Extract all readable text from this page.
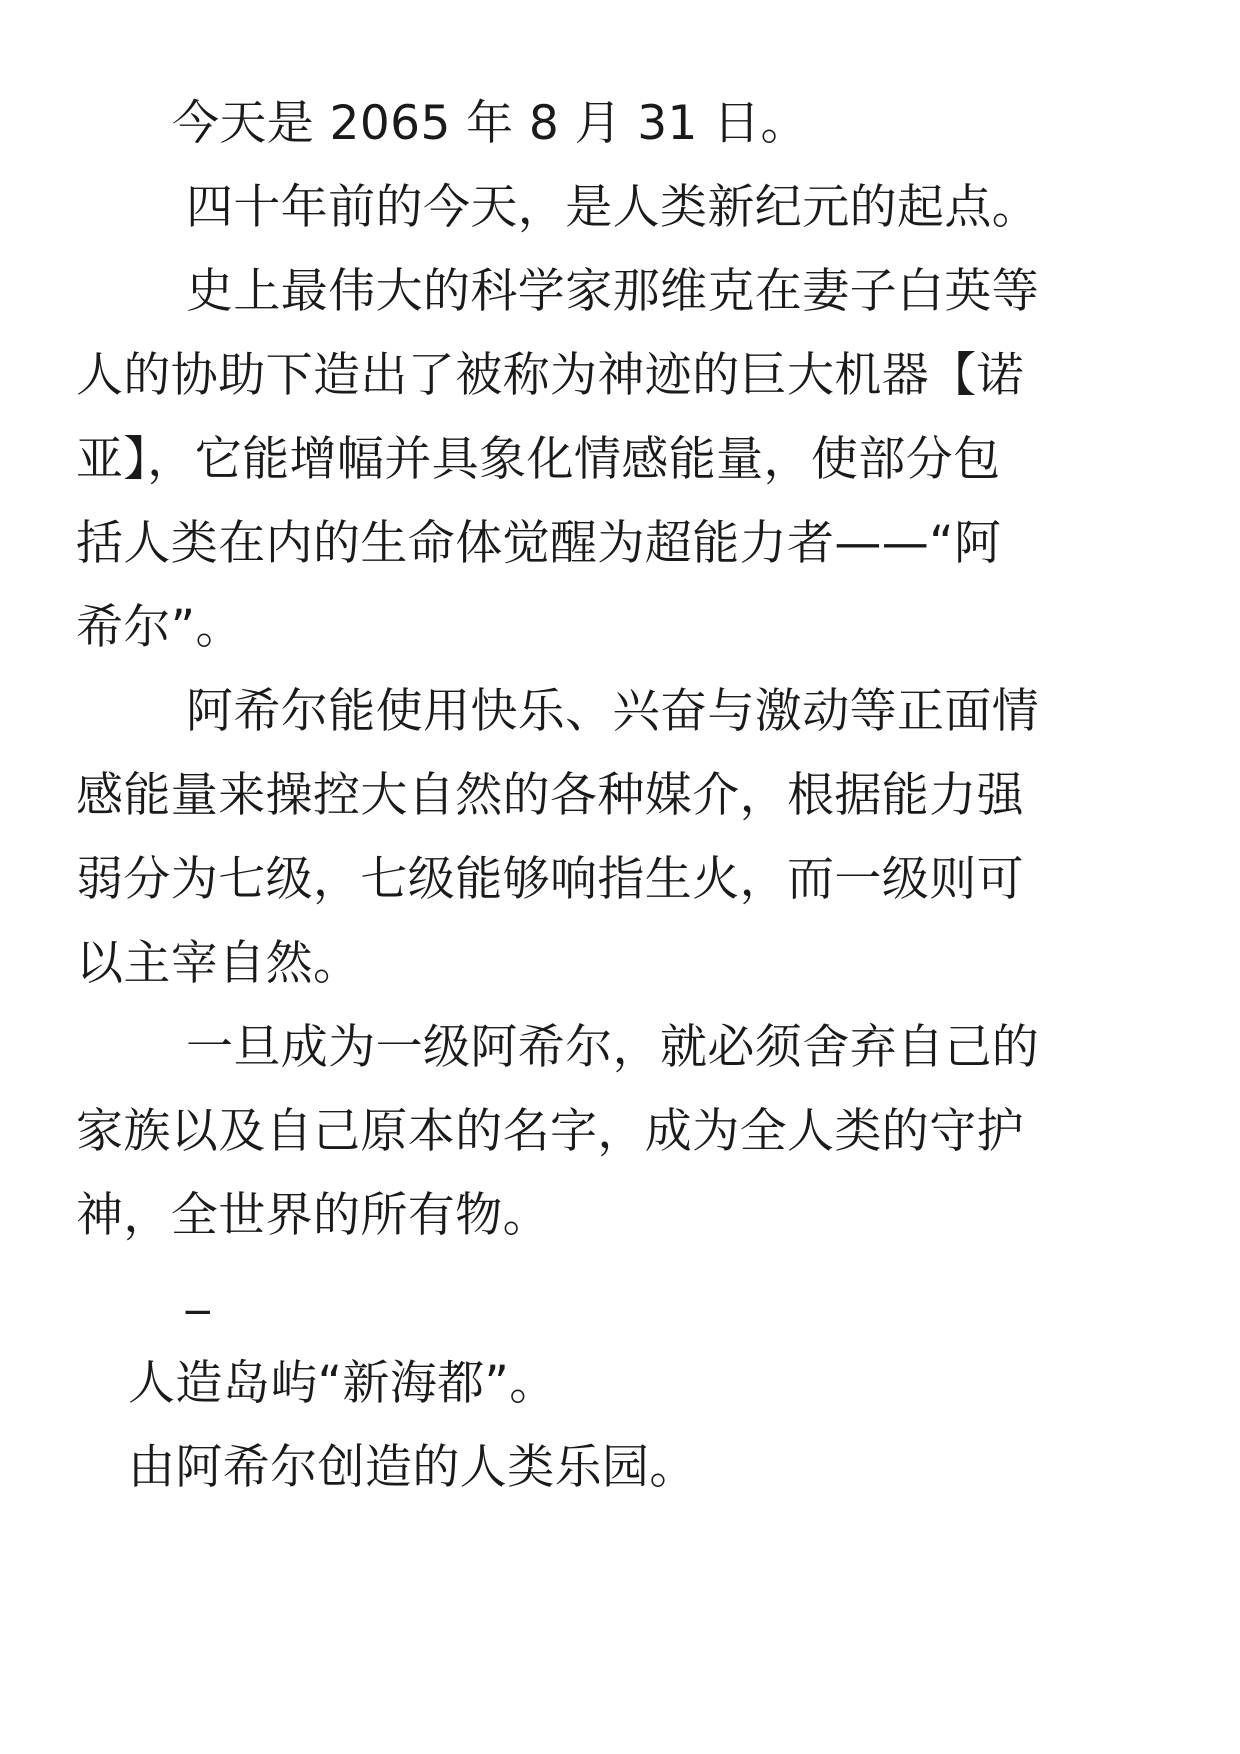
今天是 2065 年 8 月 31 日。
四十年前的今天，是人类新纪元的起点。
史上最伟大的科学家那维克在妻子白英等
人的协助下造出了被称为神迹的巨大机器【诺
亚】，它能增幅并具象化情感能量，使部分包
括人类在内的生命体觉醒为超能力者——“阿
希尔”。
阿希尔能使用快乐、兴奋与激动等正面情
感能量来操控大自然的各种媒介，根据能力强
弱分为七级，七级能够响指生火，而一级则可
以主宰自然。
一旦成为一级阿希尔，就必须舍弃自己的
家族以及自己原本的名字，成为全人类的守护
神，全世界的所有物。
_
人造岛屿“新海都”。
由阿希尔创造的人类乐园。
